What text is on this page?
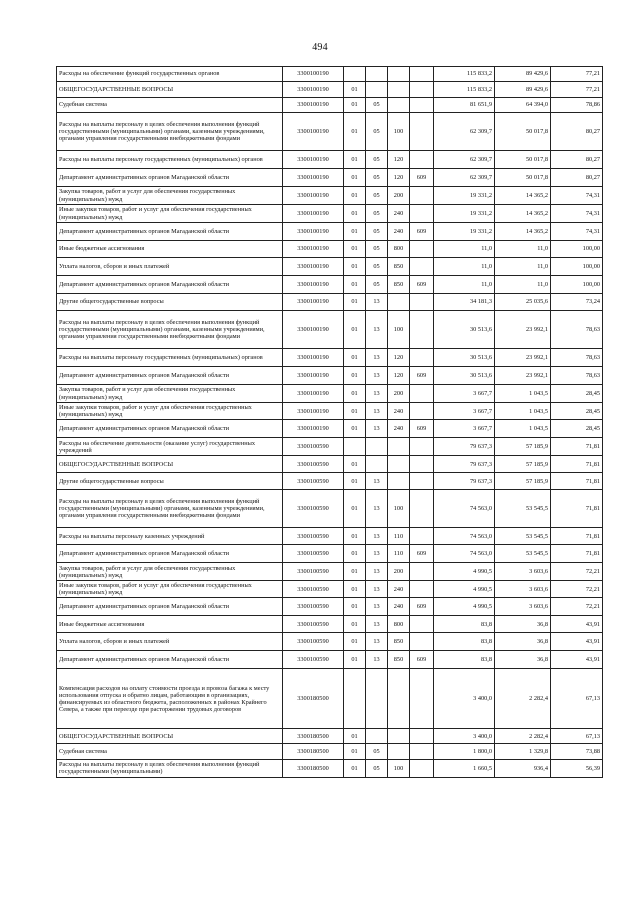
494
Расходы на обеспечение функций государственных органов	3300100190					115 833,2	89 429,6	77,21
ОБЩЕГОСУДАРСТВЕННЫЕ ВОПРОСЫ	3300100190	01				115 833,2	89 429,6	77,21
Судебная система	3300100190	01	05			81 651,9	64 394,0	78,86
Расходы на выплаты персоналу в целях обеспечения выполнения функций государственными (муниципальными) органами, казенными учреждениями, органами управления государственными внебюджетными фондами	3300100190	01	05	100		62 309,7	50 017,8	80,27
Расходы на выплаты персоналу государственных (муниципальных) органов	3300100190	01	05	120		62 309,7	50 017,8	80,27
Департамент административных органов Магаданской области	3300100190	01	05	120	609	62 309,7	50 017,8	80,27
Закупка товаров, работ и услуг для обеспечения государственных (муниципальных) нужд	3300100190	01	05	200		19 331,2	14 365,2	74,31
Иные закупки товаров, работ и услуг для обеспечения государственных (муниципальных) нужд	3300100190	01	05	240		19 331,2	14 365,2	74,31
Департамент административных органов Магаданской области	3300100190	01	05	240	609	19 331,2	14 365,2	74,31
Иные бюджетные ассигнования	3300100190	01	05	800		11,0	11,0	100,00
Уплата налогов, сборов и иных платежей	3300100190	01	05	850		11,0	11,0	100,00
Департамент административных органов Магаданской области	3300100190	01	05	850	609	11,0	11,0	100,00
Другие общегосударственные вопросы	3300100190	01	13			34 181,3	25 035,6	73,24
Расходы на выплаты персоналу в целях обеспечения выполнения функций государственными (муниципальными) органами, казенными учреждениями, органами управления государственными внебюджетными фондами	3300100190	01	13	100		30 513,6	23 992,1	78,63
Расходы на выплаты персоналу государственных (муниципальных) органов	3300100190	01	13	120		30 513,6	23 992,1	78,63
Департамент административных органов Магаданской области	3300100190	01	13	120	609	30 513,6	23 992,1	78,63
Закупка товаров, работ и услуг для обеспечения государственных (муниципальных) нужд	3300100190	01	13	200		3 667,7	1 043,5	28,45
Иные закупки товаров, работ и услуг для обеспечения государственных (муниципальных) нужд	3300100190	01	13	240		3 667,7	1 043,5	28,45
Департамент административных органов Магаданской области	3300100190	01	13	240	609	3 667,7	1 043,5	28,45
Расходы на обеспечение деятельности (оказание услуг) государственных учреждений	3300100590					79 637,3	57 185,9	71,81
ОБЩЕГОСУДАРСТВЕННЫЕ ВОПРОСЫ	3300100590	01				79 637,3	57 185,9	71,81
Другие общегосударственные вопросы	3300100590	01	13			79 637,3	57 185,9	71,81
Расходы на выплаты персоналу в целях обеспечения выполнения функций государственными (муниципальными) органами, казенными учреждениями, органами управления государственными внебюджетными фондами	3300100590	01	13	100		74 563,0	53 545,5	71,81
Расходы на выплаты персоналу казенных учреждений	3300100590	01	13	110		74 563,0	53 545,5	71,81
Департамент административных органов Магаданской области	3300100590	01	13	110	609	74 563,0	53 545,5	71,81
Закупка товаров, работ и услуг для обеспечения государственных (муниципальных) нужд	3300100590	01	13	200		4 990,5	3 603,6	72,21
Иные закупки товаров, работ и услуг для обеспечения государственных (муниципальных) нужд	3300100590	01	13	240		4 990,5	3 603,6	72,21
Департамент административных органов Магаданской области	3300100590	01	13	240	609	4 990,5	3 603,6	72,21
Иные бюджетные ассигнования	3300100590	01	13	800		83,8	36,8	43,91
Уплата налогов, сборов и иных платежей	3300100590	01	13	850		83,8	36,8	43,91
Департамент административных органов Магаданской области	3300100590	01	13	850	609	83,8	36,8	43,91
Компенсация расходов на оплату стоимости проезда и провоза багажа к месту использования отпуска и обратно лицам, работающим в организациях, финансируемых из областного бюджета, расположенных в районах Крайнего Севера, а также при переезде при расторжении трудовых договоров	3300180500					3 400,0	2 282,4	67,13
ОБЩЕГОСУДАРСТВЕННЫЕ ВОПРОСЫ	3300180500	01				3 400,0	2 282,4	67,13
Судебная система	3300180500	01	05			1 800,0	1 329,8	73,88
Расходы на выплаты персоналу в целях обеспечения выполнения функций государственными (муниципальными)	3300180500	01	05	100		1 660,5	936,4	56,39
